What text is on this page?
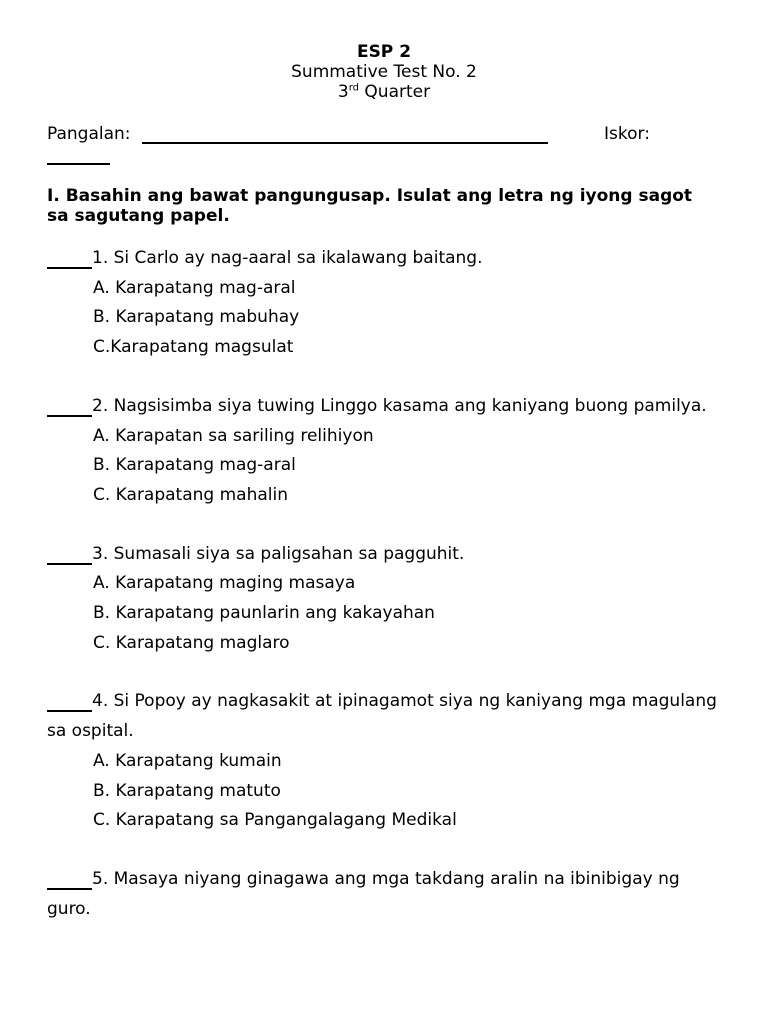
ESP 2
Summative Test No. 2
3rd Quarter
Pangalan:	Iskor:
I. Basahin ang bawat pangungusap. Isulat ang letra ng iyong sagot sa sagutang papel.
1. Si Carlo ay nag-aaral sa ikalawang baitang.
A. Karapatang mag-aral
B. Karapatang mabuhay
C.Karapatang magsulat
2. Nagsisimba siya tuwing Linggo kasama ang kaniyang buong pamilya.
A. Karapatan sa sariling relihiyon
B. Karapatang mag-aral
C. Karapatang mahalin
3. Sumasali siya sa paligsahan sa pagguhit.
A. Karapatang maging masaya
B. Karapatang paunlarin ang kakayahan
C. Karapatang maglaro
4. Si Popoy ay nagkasakit at ipinagamot siya ng kaniyang mga magulang sa ospital.
A. Karapatang kumain
B. Karapatang matuto
C. Karapatang sa Pangangalagang Medikal
5. Masaya niyang ginagawa ang mga takdang aralin na ibinibigay ng guro.
